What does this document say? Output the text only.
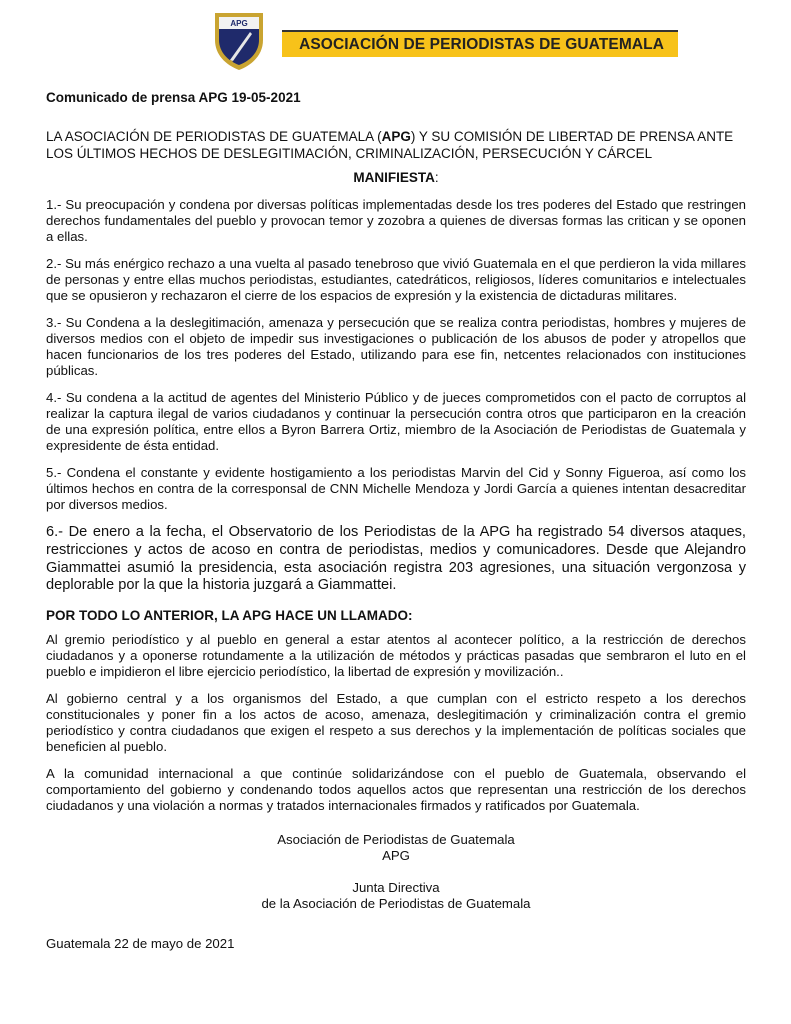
APG
ASOCIACIÓN DE PERIODISTAS DE GUATEMALA

Comunicado de prensa APG 19-05-2021

LA ASOCIACIÓN DE PERIODISTAS DE GUATEMALA (APG) Y SU COMISIÓN DE LIBERTAD DE PRENSA ANTE LOS ÚLTIMOS HECHOS DE DESLEGITIMACIÓN, CRIMINALIZACIÓN, PERSECUCIÓN Y CÁRCEL

MANIFIESTA:

1.- Su preocupación y condena por diversas políticas implementadas desde los tres poderes del Estado que restringen derechos fundamentales del pueblo y provocan temor y zozobra a quienes de diversas formas las critican y se oponen a ellas.

2.- Su más enérgico rechazo a una vuelta al pasado tenebroso que vivió Guatemala en el que perdieron la vida millares de personas y entre ellas muchos periodistas, estudiantes, catedráticos, religiosos, líderes comunitarios e intelectuales que se opusieron y rechazaron el cierre de los espacios de expresión y la existencia de dictaduras militares.

3.- Su Condena a la deslegitimación, amenaza y persecución que se realiza contra periodistas, hombres y mujeres de diversos medios con el objeto de impedir sus investigaciones o publicación de los abusos de poder y atropellos que hacen funcionarios de los tres poderes del Estado, utilizando para ese fin, netcentes relacionados con instituciones públicas.

4.- Su condena a la actitud de agentes del Ministerio Público y de jueces comprometidos con el pacto de corruptos al realizar la captura ilegal de varios ciudadanos y continuar la persecución contra otros que participaron en la creación de una expresión política, entre ellos a Byron Barrera Ortiz, miembro de la Asociación de Periodistas de Guatemala y expresidente de ésta entidad.

5.- Condena el constante y evidente hostigamiento a los periodistas Marvin del Cid y Sonny Figueroa, así como los últimos hechos en contra de la corresponsal de CNN Michelle Mendoza y Jordi García a quienes intentan desacreditar por diversos medios.

6.- De enero a la fecha, el Observatorio de los Periodistas de la APG ha registrado 54 diversos ataques, restricciones y actos de acoso en contra de periodistas, medios y comunicadores. Desde que Alejandro Giammattei asumió la presidencia, esta asociación registra 203 agresiones, una situación vergonzosa y deplorable por la que la historia juzgará a Giammattei.

POR TODO LO ANTERIOR, LA APG HACE UN LLAMADO:

Al gremio periodístico y al pueblo en general a estar atentos al acontecer político, a la restricción de derechos ciudadanos y a oponerse rotundamente a la utilización de métodos y prácticas pasadas que sembraron el luto en el pueblo e impidieron el libre ejercicio periodístico, la libertad de expresión y movilización..

Al gobierno central y a los organismos del Estado, a que cumplan con el estricto respeto a los derechos constitucionales y poner fin a los actos de acoso, amenaza, deslegitimación y criminalización contra el gremio periodístico y contra ciudadanos que exigen el respeto a sus derechos y la implementación de políticas sociales que beneficien al pueblo.

A la comunidad internacional a que continúe solidarizándose con el pueblo de Guatemala, observando el comportamiento del gobierno y condenando todos aquellos actos que representan una restricción de los derechos ciudadanos y una violación a normas y tratados internacionales firmados y ratificados por Guatemala.

Asociación de Periodistas de Guatemala
APG
Junta Directiva
de la Asociación de Periodistas de Guatemala
Guatemala 22 de mayo de 2021
